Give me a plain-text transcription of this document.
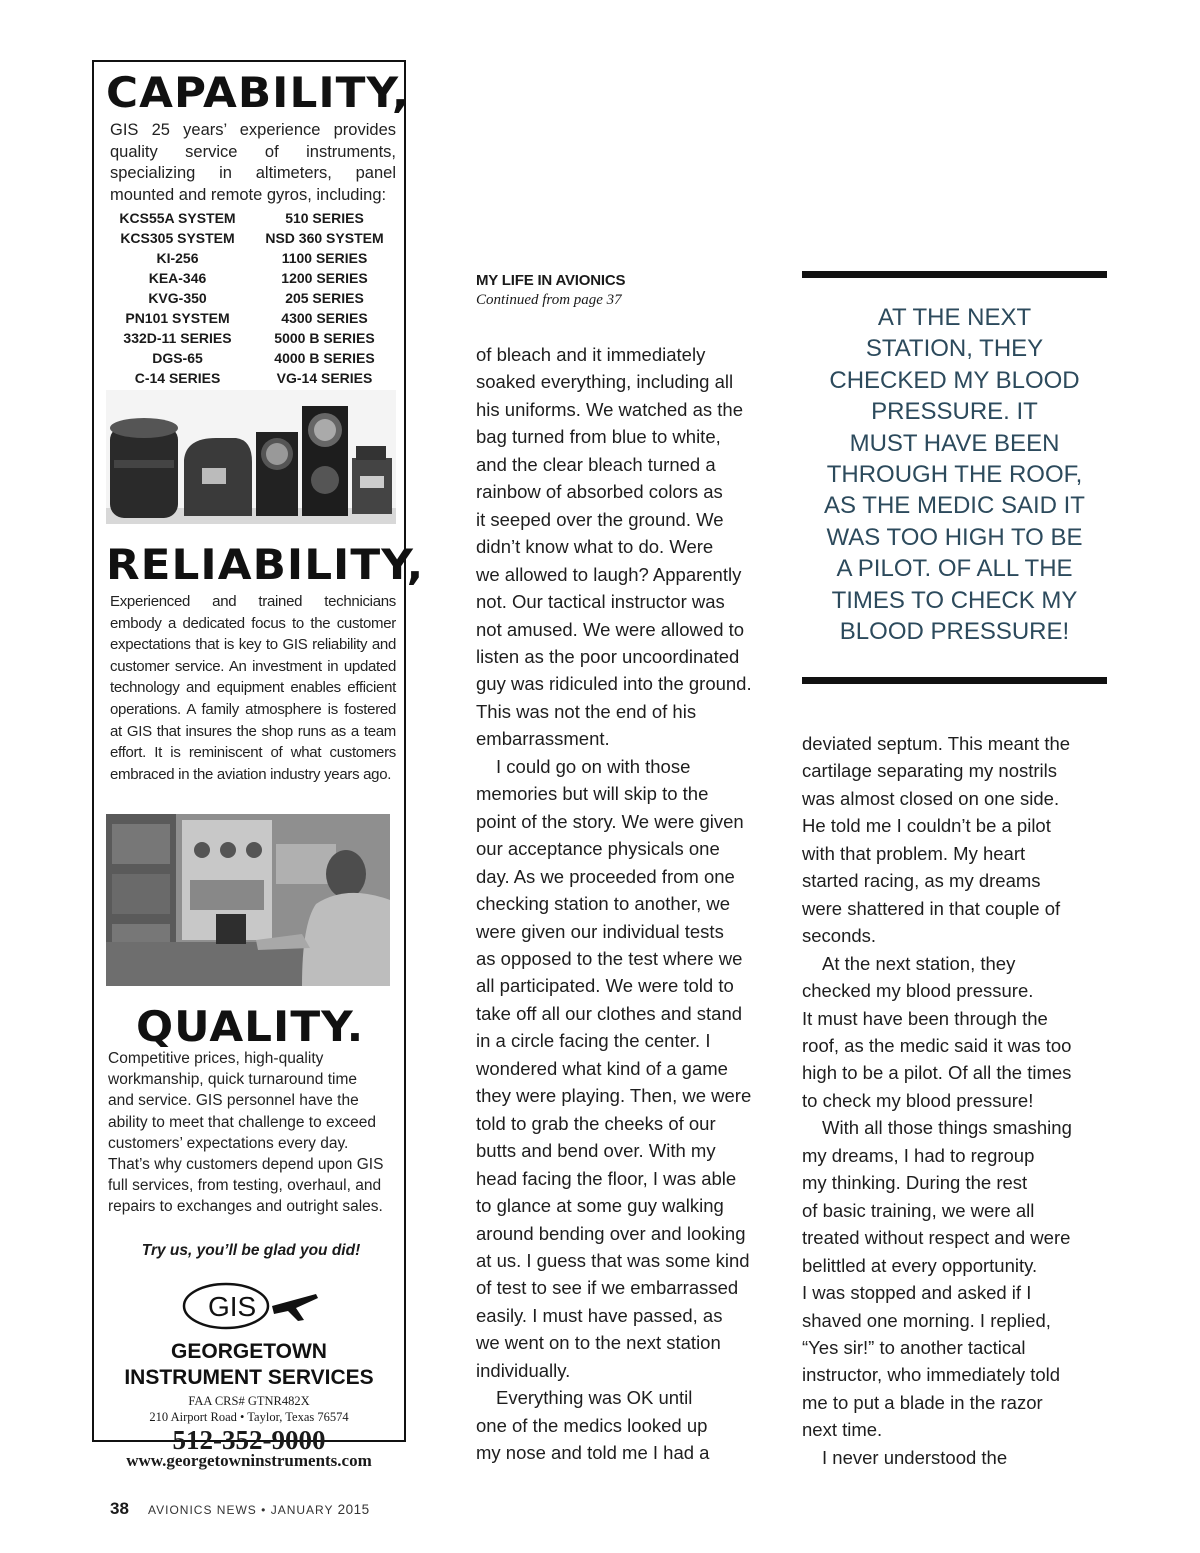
CAPABILITY,
GIS 25 years’ experience provides quality service of instruments, specializing in altimeters, panel mounted and remote gyros, including:
KCS55A SYSTEM	510 SERIES
KCS305 SYSTEM	NSD 360 SYSTEM
KI-256	1100 SERIES
KEA-346	1200 SERIES
KVG-350	205 SERIES
PN101 SYSTEM	4300 SERIES
332D-11 SERIES	5000 B SERIES
DGS-65	4000 B SERIES
C-14 SERIES	VG-14 SERIES
RELIABILITY,
Experienced and trained technicians embody a dedicated focus to the customer expectations that is key to GIS reliability and customer service. An investment in updated technology and equipment enables efficient operations. A family atmosphere is fostered at GIS that insures the shop runs as a team effort. It is reminiscent of what customers embraced in the aviation industry years ago.
QUALITY.
Competitive prices, high-quality workmanship, quick turnaround time and service. GIS personnel have the ability to meet that challenge to exceed customers’ expectations every day. That’s why customers depend upon GIS full services, from testing, overhaul, and repairs to exchanges and outright sales.
Try us, you’ll be glad you did!
GIS
GEORGETOWN
INSTRUMENT SERVICES
FAA CRS# GTNR482X
210 Airport Road • Taylor, Texas 76574
512-352-9000
www.georgetowninstruments.com
MY LIFE IN AVIONICS
Continued from page 37

of bleach and it immediately

soaked everything, including all

his uniforms. We watched as the

bag turned from blue to white,

and the clear bleach turned a

rainbow of absorbed colors as

it seeped over the ground. We

didn’t know what to do. Were

we allowed to laugh? Apparently

not. Our tactical instructor was

not amused. We were allowed to

listen as the poor uncoordinated

guy was ridiculed into the ground.

This was not the end of his

embarrassment.

I could go on with those

memories but will skip to the

point of the story. We were given

our acceptance physicals one

day. As we proceeded from one

checking station to another, we

were given our individual tests

as opposed to the test where we

all participated. We were told to

take off all our clothes and stand

in a circle facing the center. I

wondered what kind of a game

they were playing. Then, we were

told to grab the cheeks of our

butts and bend over. With my

head facing the floor, I was able

to glance at some guy walking

around bending over and looking

at us. I guess that was some kind

of test to see if we embarrassed

easily. I must have passed, as

we went on to the next station

individually.

Everything was OK until

one of the medics looked up

my nose and told me I had a

AT THE NEXT

STATION, THEY

CHECKED MY BLOOD

PRESSURE. IT

MUST HAVE BEEN

THROUGH THE ROOF,

AS THE MEDIC SAID IT

WAS TOO HIGH TO BE

A PILOT. OF ALL THE

TIMES TO CHECK MY

BLOOD PRESSURE!

deviated septum. This meant the

cartilage separating my nostrils

was almost closed on one side.

He told me I couldn’t be a pilot

with that problem. My heart

started racing, as my dreams

were shattered in that couple of

seconds.

At the next station, they

checked my blood pressure.

It must have been through the

roof, as the medic said it was too

high to be a pilot. Of all the times

to check my blood pressure!

With all those things smashing

my dreams, I had to regroup

my thinking. During the rest

of basic training, we were all

treated without respect and were

belittled at every opportunity.

I was stopped and asked if I

shaved one morning. I replied,

“Yes sir!” to another tactical

instructor, who immediately told

me to put a blade in the razor

next time.

I never understood the

38 AVIONICS NEWS • JANUARY 2015
